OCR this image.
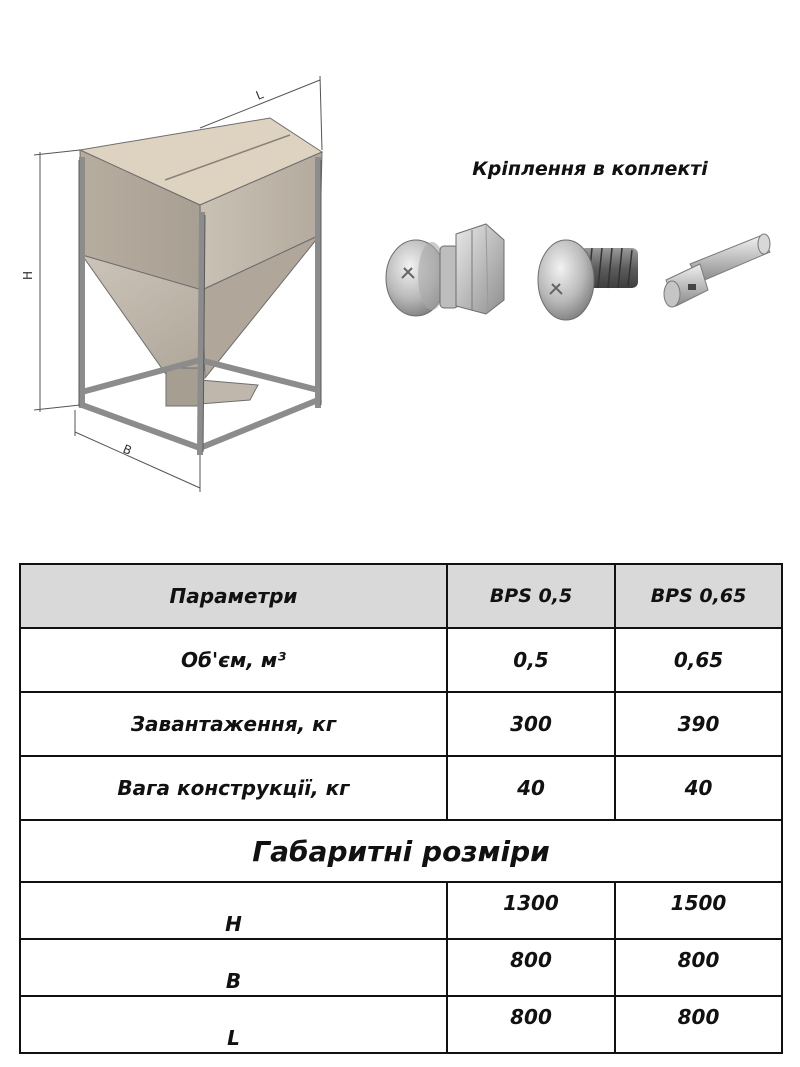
L
H
B
Кріплення в коплекті
Параметри	BPS 0,5	BPS 0,65
Об'єм, м³	0,5	0,65
Завантаження, кг	300	390
Вага конструкції, кг	40	40
Габаритні розміри		
H	1300	1500
B	800	800
L	800	800
